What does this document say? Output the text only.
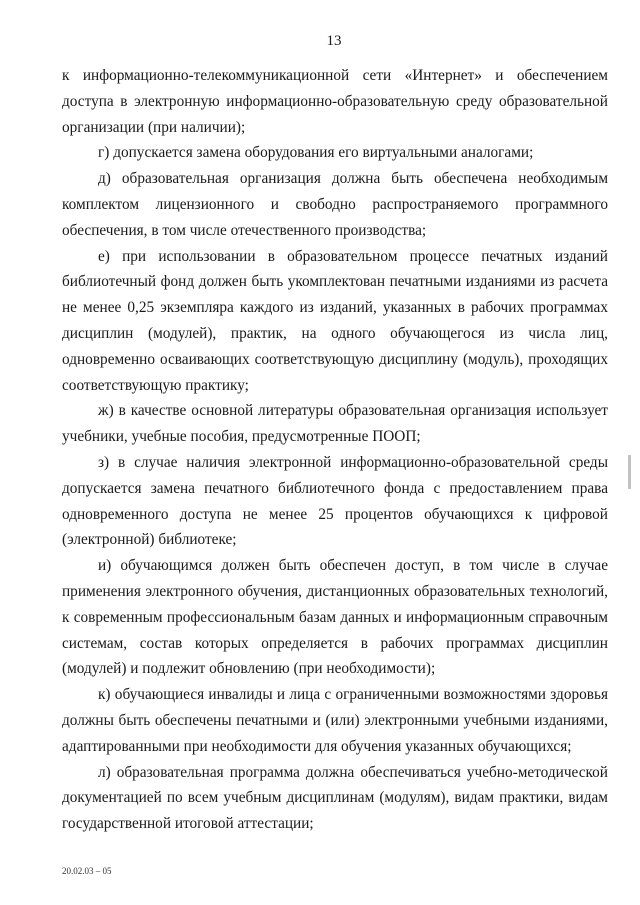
13

к информационно-телекоммуникационной сети «Интернет» и обеспечением доступа в электронную информационно-образовательную среду образовательной организации (при наличии);

г) допускается замена оборудования его виртуальными аналогами;

д) образовательная организация должна быть обеспечена необходимым комплектом лицензионного и свободно распространяемого программного обеспечения, в том числе отечественного производства;

е) при использовании в образовательном процессе печатных изданий библиотечный фонд должен быть укомплектован печатными изданиями из расчета не менее 0,25 экземпляра каждого из изданий, указанных в рабочих программах дисциплин (модулей), практик, на одного обучающегося из числа лиц, одновременно осваивающих соответствующую дисциплину (модуль), проходящих соответствующую практику;

ж) в качестве основной литературы образовательная организация использует учебники, учебные пособия, предусмотренные ПООП;

з) в случае наличия электронной информационно-образовательной среды допускается замена печатного библиотечного фонда с предоставлением права одновременного доступа не менее 25 процентов обучающихся к цифровой (электронной) библиотеке;

и) обучающимся должен быть обеспечен доступ, в том числе в случае применения электронного обучения, дистанционных образовательных технологий, к современным профессиональным базам данных и информационным справочным системам, состав которых определяется в рабочих программах дисциплин (модулей) и подлежит обновлению (при необходимости);

к) обучающиеся инвалиды и лица с ограниченными возможностями здоровья должны быть обеспечены печатными и (или) электронными учебными изданиями, адаптированными при необходимости для обучения указанных обучающихся;

л) образовательная программа должна обеспечиваться учебно-методической документацией по всем учебным дисциплинам (модулям), видам практики, видам государственной итоговой аттестации;

20.02.03 – 05
